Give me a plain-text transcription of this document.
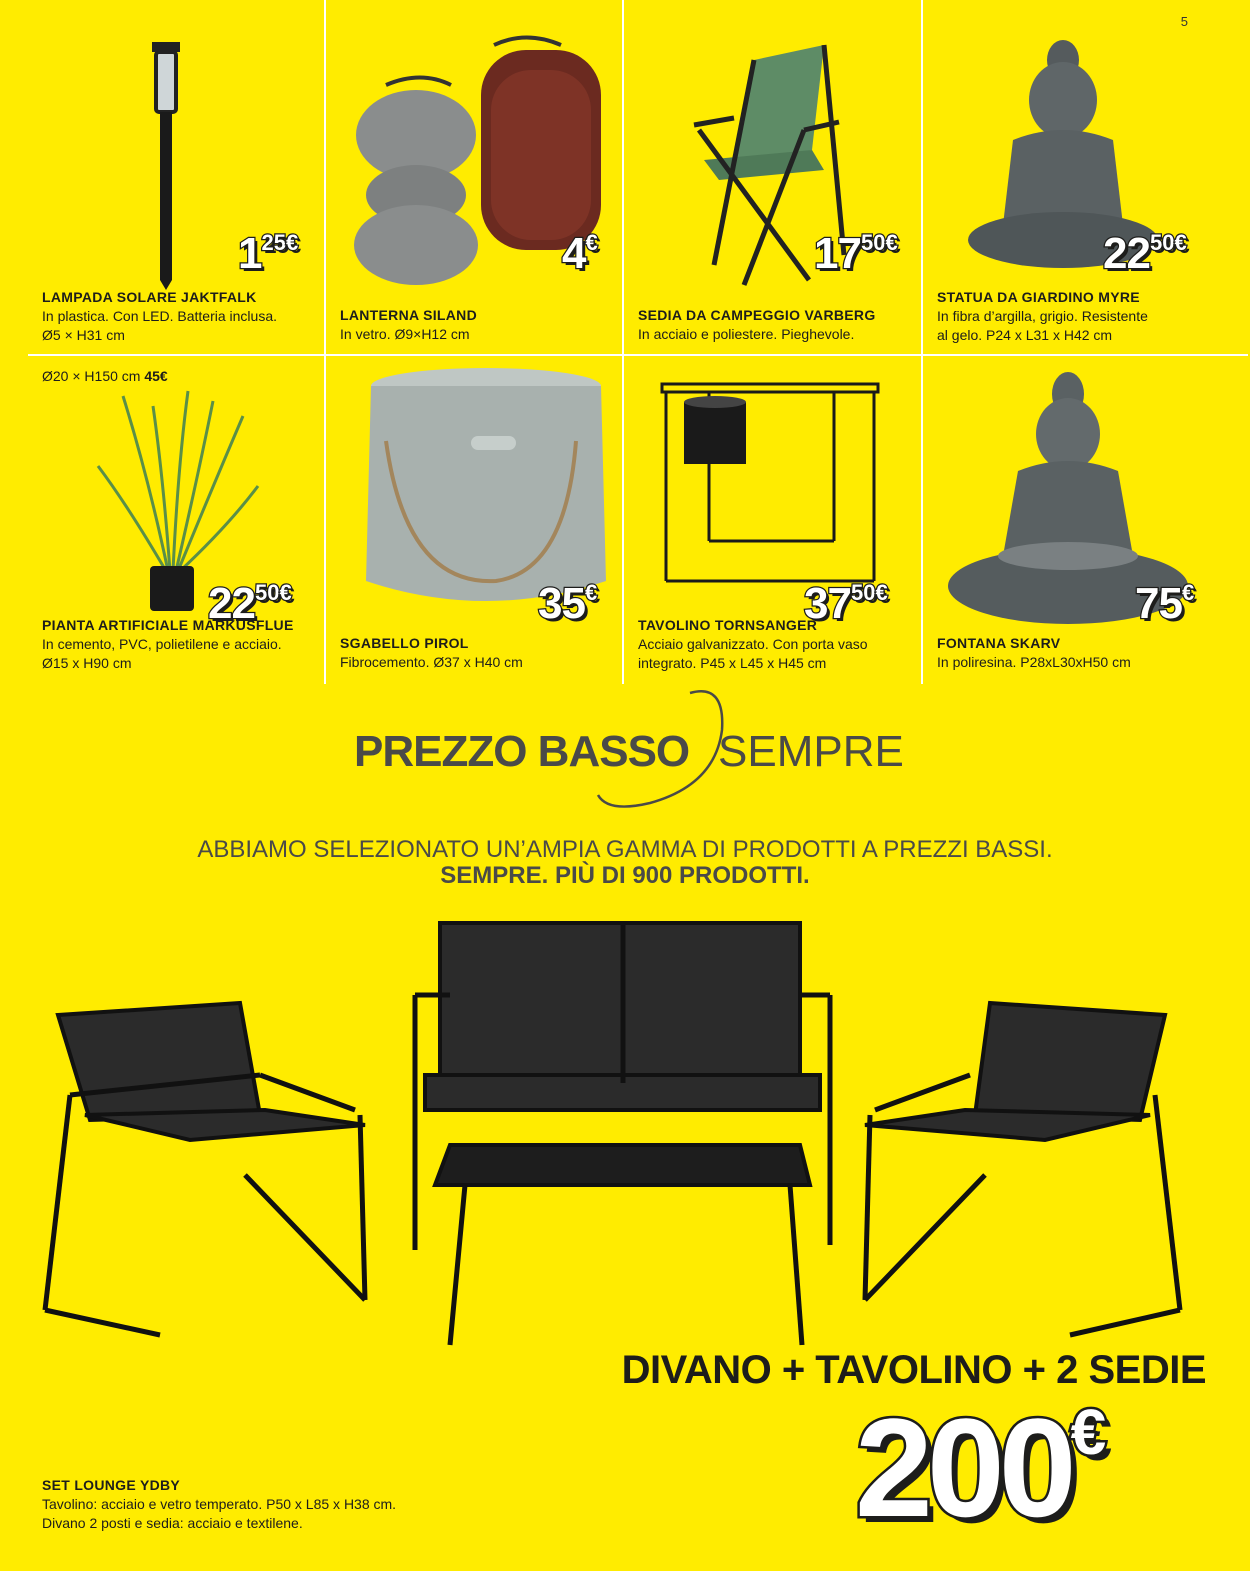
5
125€
LAMPADA SOLARE JAKTFALK
In plastica. Con LED. Batteria inclusa.
Ø5 × H31 cm
4€
LANTERNA SILAND
In vetro. Ø9×H12 cm
1750€
SEDIA DA CAMPEGGIO VARBERG
In acciaio e poliestere. Pieghevole.
2250€
STATUA DA GIARDINO MYRE
In fibra d’argilla, grigio. Resistente
al gelo. P24 x L31 x H42 cm
Ø20 × H150 cm 45€
2250€
PIANTA ARTIFICIALE MARKUSFLUE
In cemento, PVC, polietilene e acciaio.
Ø15 x H90 cm
35€
SGABELLO PIROL
Fibrocemento. Ø37 x H40 cm
3750€
TAVOLINO TORNSANGER
Acciaio galvanizzato. Con porta vaso
integrato. P45 x L45 x H45 cm
75€
FONTANA SKARV
In poliresina. P28xL30xH50 cm
PREZZO BASSO SEMPRE
ABBIAMO SELEZIONATO UN’AMPIA GAMMA DI PRODOTTI A PREZZI BASSI.
SEMPRE. PIÙ DI 900 PRODOTTI.
DIVANO + TAVOLINO + 2 SEDIE
200€
SET LOUNGE YDBY
Tavolino: acciaio e vetro temperato. P50 x L85 x H38 cm.
Divano 2 posti e sedia: acciaio e textilene.
